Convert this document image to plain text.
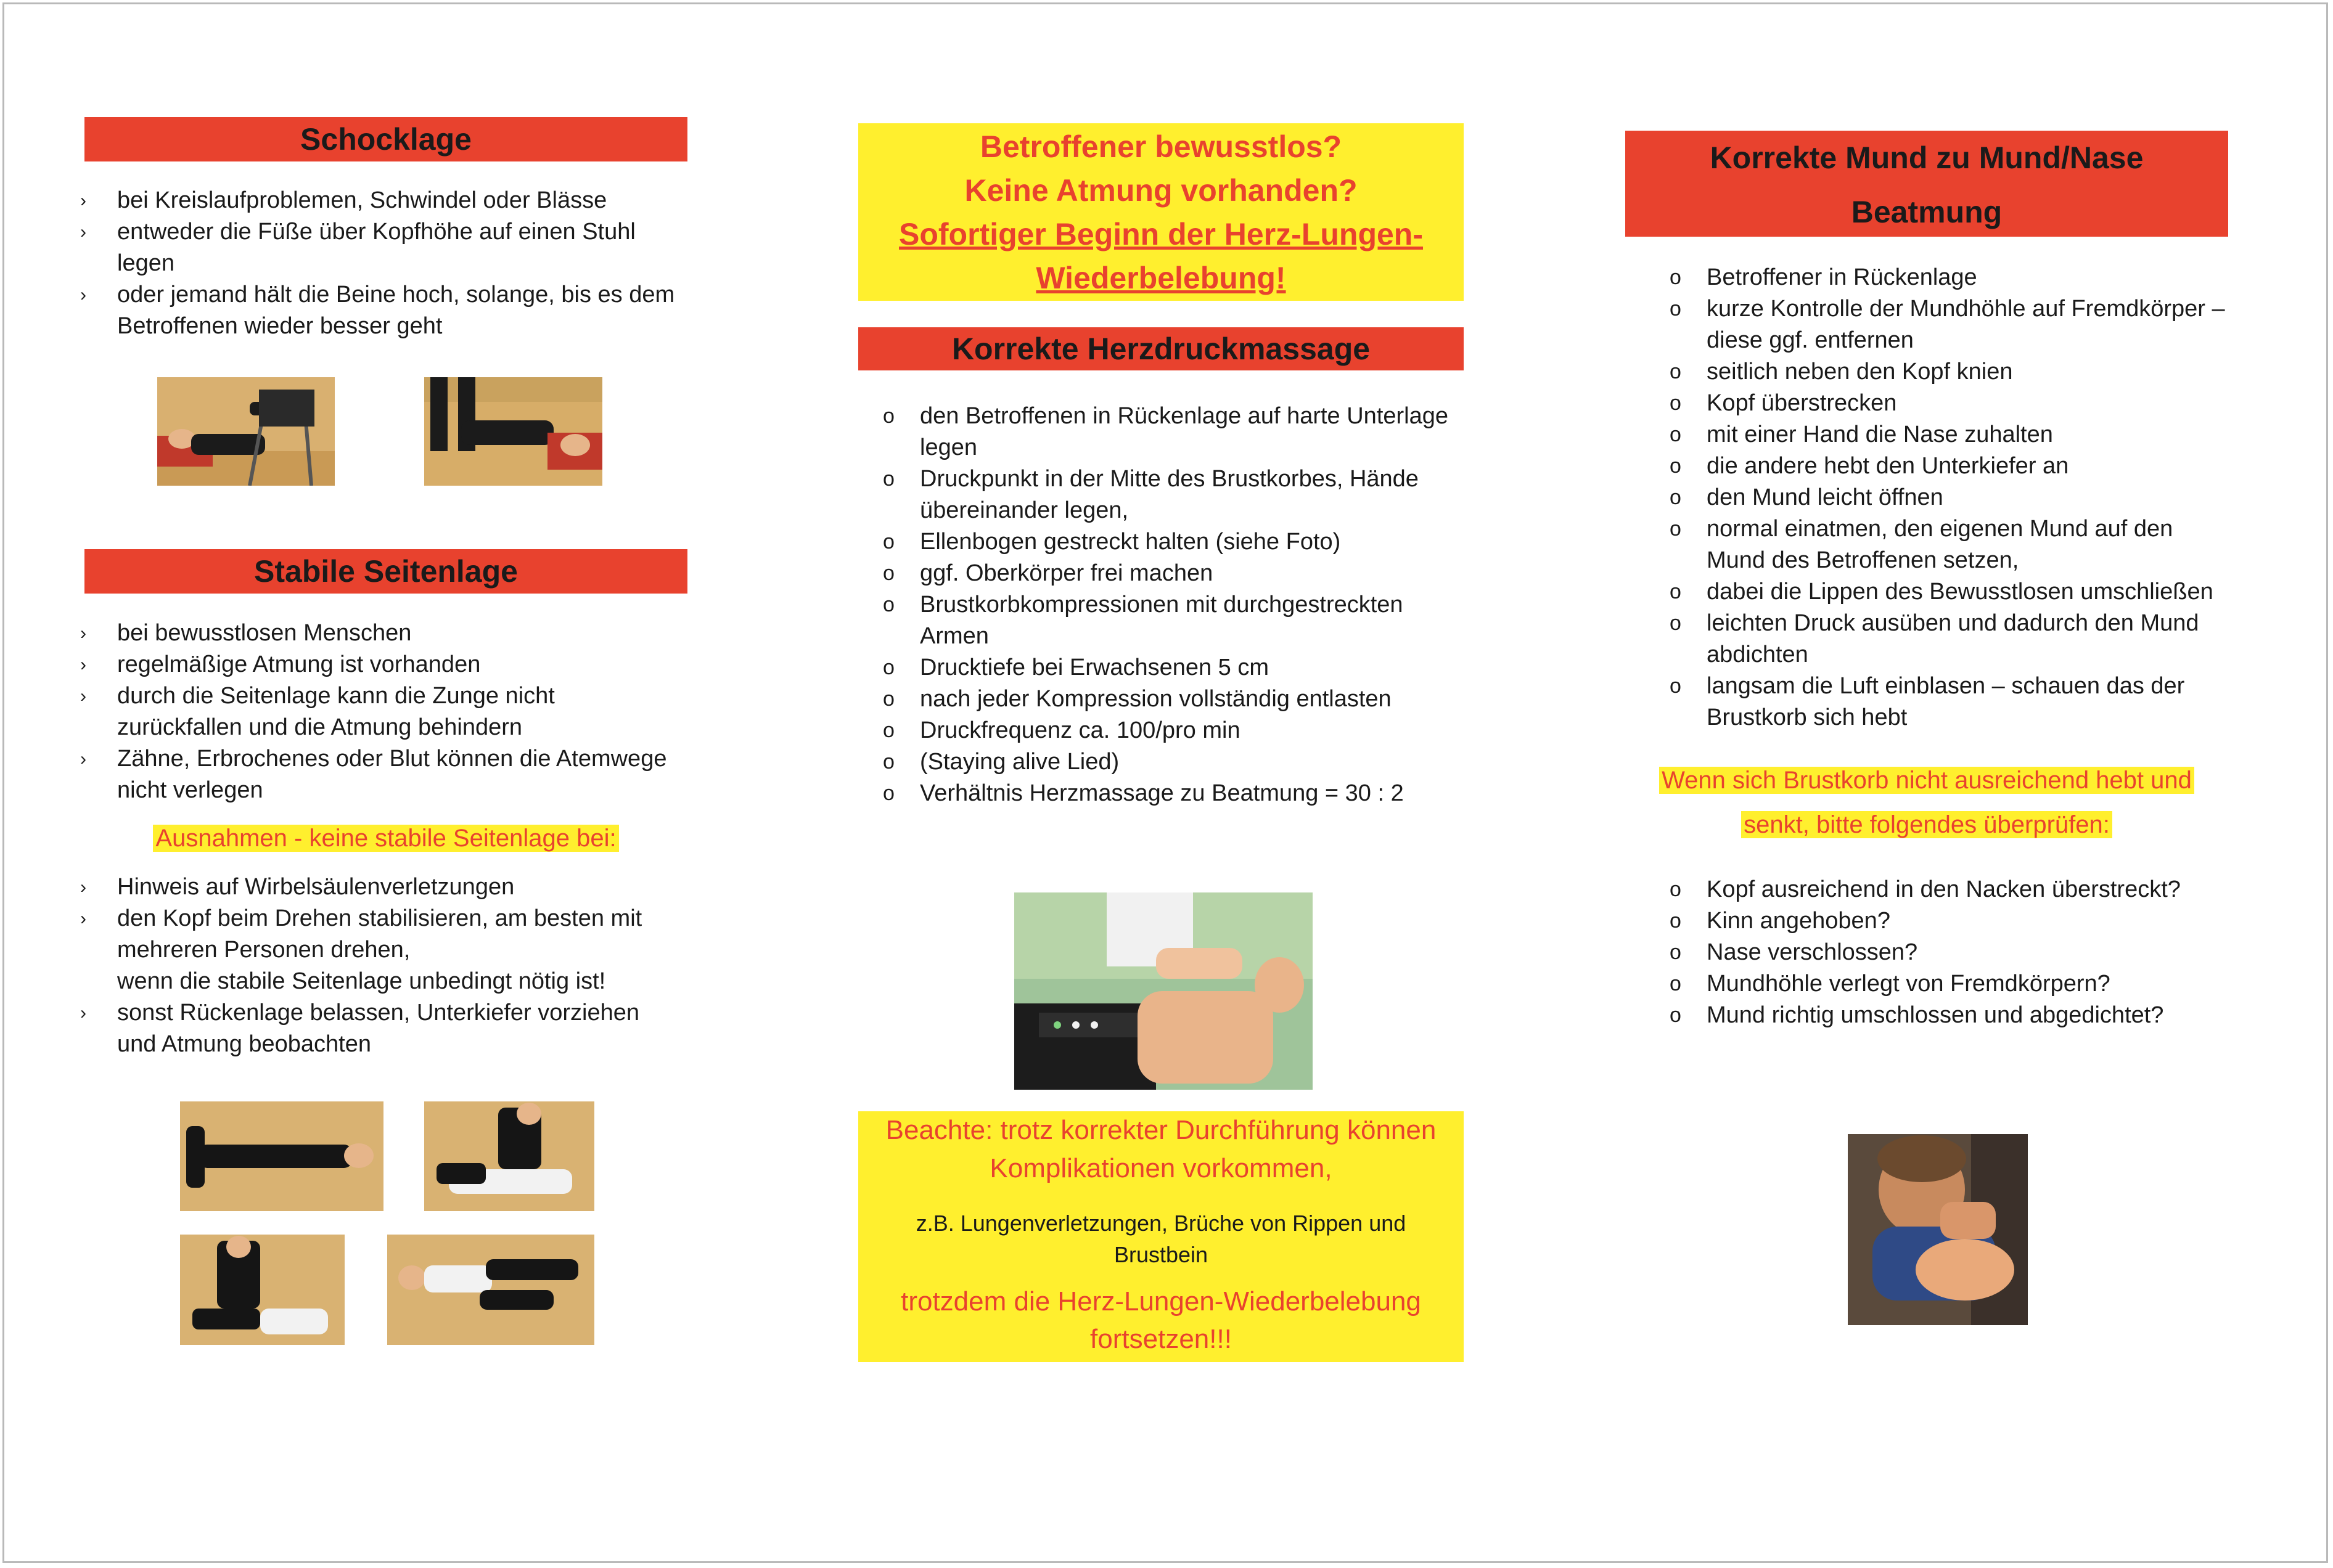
Schocklage
›	bei Kreislaufproblemen, Schwindel oder Blässe
›	entweder die Füße über Kopfhöhe auf einen Stuhl legen
›	oder jemand hält die Beine hoch, solange, bis es dem Betroffenen wieder besser geht
Stabile Seitenlage
›	bei bewusstlosen Menschen
›	regelmäßige Atmung ist vorhanden
›	durch die Seitenlage kann die Zunge nicht zurückfallen und die Atmung behindern
›	Zähne, Erbrochenes oder Blut können die Atemwege nicht verlegen
Ausnahmen - keine stabile Seitenlage bei:
›	Hinweis auf Wirbelsäulenverletzungen
›	den Kopf beim Drehen stabilisieren, am besten mit mehreren Personen drehen,
wenn die stabile Seitenlage unbedingt nötig ist!
›	sonst Rückenlage belassen, Unterkiefer vorziehen und Atmung beobachten
Betroffener bewusstlos?
Keine Atmung vorhanden?
Sofortiger Beginn der Herz-Lungen-
Wiederbelebung!
Korrekte Herzdruckmassage
o	den Betroffenen in Rückenlage auf harte Unterlage legen
o	Druckpunkt in der Mitte des Brustkorbes, Hände übereinander legen,
o	Ellenbogen gestreckt halten (siehe Foto)
o	ggf. Oberkörper frei machen
o	Brustkorbkompressionen mit durchgestreckten Armen
o	Drucktiefe bei Erwachsenen 5 cm
o	nach jeder Kompression vollständig entlasten
o	Druckfrequenz ca. 100/pro min
o	(Staying alive Lied)
o	Verhältnis Herzmassage zu Beatmung = 30 : 2
Beachte: trotz korrekter Durchführung können Komplikationen vorkommen,
z.B. Lungenverletzungen, Brüche von Rippen und Brustbein
trotzdem die Herz-Lungen-Wiederbelebung fortsetzen!!!
Korrekte Mund zu Mund/Nase
Beatmung
o	Betroffener in Rückenlage
o	kurze Kontrolle der Mundhöhle auf Fremdkörper – diese ggf. entfernen
o	seitlich neben den Kopf knien
o	Kopf überstrecken
o	mit einer Hand die Nase zuhalten
o	die andere hebt den Unterkiefer an
o	den Mund leicht öffnen
o	normal einatmen, den eigenen Mund auf den Mund des Betroffenen setzen,
o	dabei die Lippen des Bewusstlosen umschließen
o	leichten Druck ausüben und dadurch den Mund abdichten
o	langsam die Luft einblasen – schauen das der Brustkorb sich hebt
Wenn sich Brustkorb nicht ausreichend hebt und
senkt, bitte folgendes überprüfen:
o	Kopf ausreichend in den Nacken überstreckt?
o	Kinn angehoben?
o	Nase verschlossen?
o	Mundhöhle verlegt von Fremdkörpern?
o	Mund richtig umschlossen und abgedichtet?
